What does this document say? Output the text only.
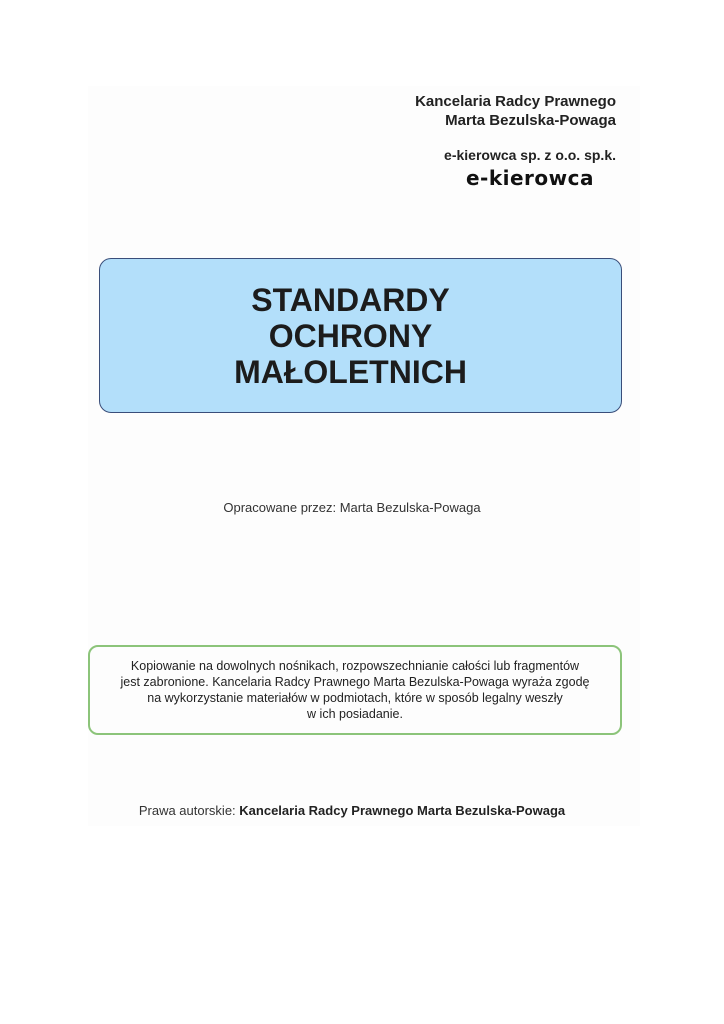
Kancelaria Radcy Prawnego
Marta Bezulska-Powaga
e-kierowca sp. z o.o. sp.k.
e-kierowca
STANDARDY
OCHRONY
MAŁOLETNICH
Opracowane przez: Marta Bezulska-Powaga
Kopiowanie na dowolnych nośnikach, rozpowszechnianie całości lub fragmentów
jest zabronione. Kancelaria Radcy Prawnego Marta Bezulska-Powaga wyraża zgodę
na wykorzystanie materiałów w podmiotach, które w sposób legalny weszły
w ich posiadanie.
Prawa autorskie: Kancelaria Radcy Prawnego Marta Bezulska-Powaga
